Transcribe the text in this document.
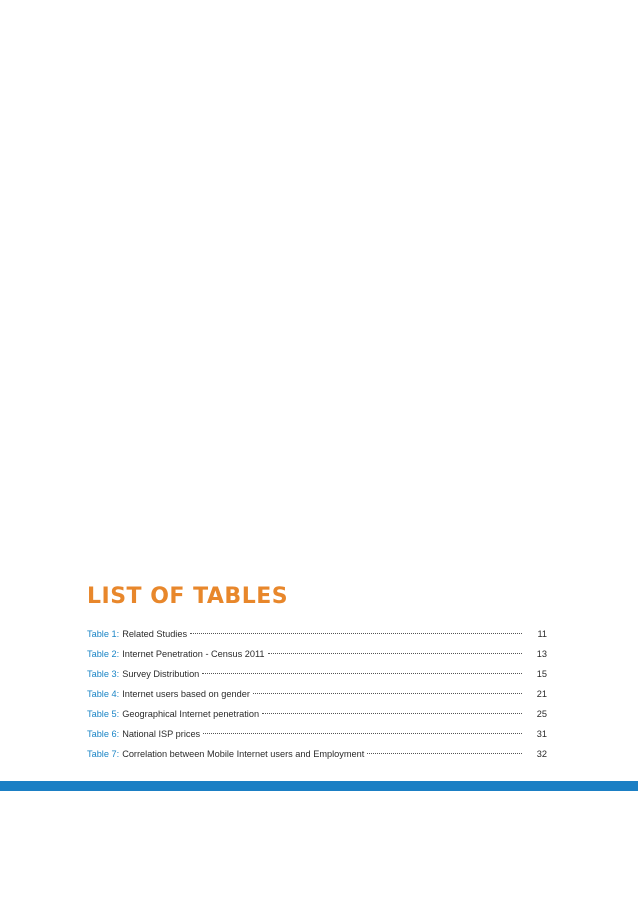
LIST OF TABLES
Table 1: Related Studies	11
Table 2: Internet Penetration - Census 2011	13
Table 3: Survey Distribution	15
Table 4: Internet users based on gender	21
Table 5: Geographical Internet penetration	25
Table 6: National ISP prices	31
Table 7: Correlation between Mobile Internet users and Employment	32
